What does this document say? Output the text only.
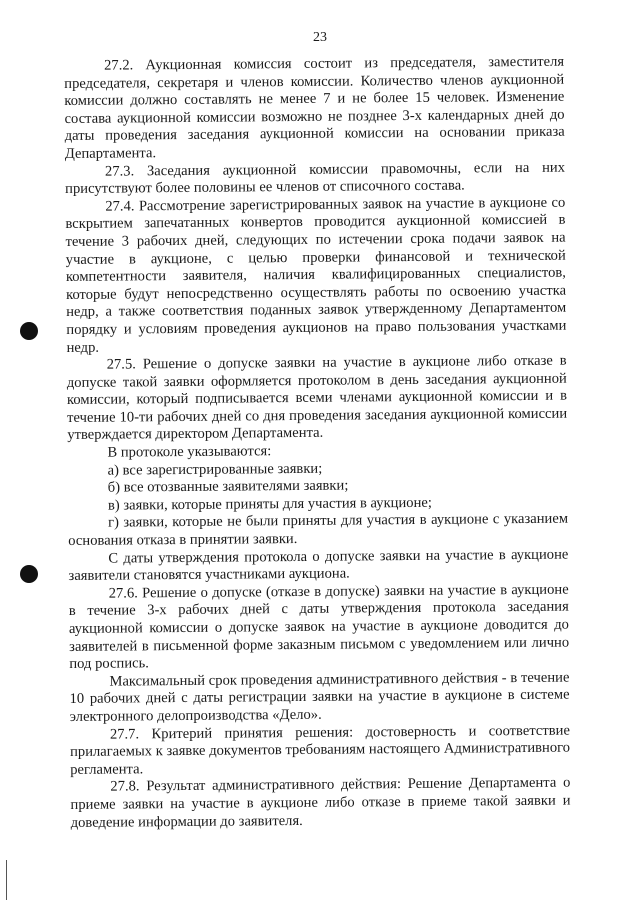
23

27.2. Аукционная комиссия состоит из председателя, заместителя председателя, секретаря и членов комиссии. Количество членов аукционной комиссии должно составлять не менее 7 и не более 15 человек. Изменение состава аукционной комиссии возможно не позднее 3-х календарных дней до даты проведения заседания аукционной комиссии на основании приказа Департамента.

27.3. Заседания аукционной комиссии правомочны, если на них присутствуют более половины ее членов от списочного состава.

27.4. Рассмотрение зарегистрированных заявок на участие в аукционе со вскрытием запечатанных конвертов проводится аукционной комиссией в течение 3 рабочих дней, следующих по истечении срока подачи заявок на участие в аукционе, с целью проверки финансовой и технической компетентности заявителя, наличия квалифицированных специалистов, которые будут непосредственно осуществлять работы по освоению участка недр, а также соответствия поданных заявок утвержденному Департаментом порядку и условиям проведения аукционов на право пользования участками недр.

27.5. Решение о допуске заявки на участие в аукционе либо отказе в допуске такой заявки оформляется протоколом в день заседания аукционной комиссии, который подписывается всеми членами аукционной комиссии и в течение 10-ти рабочих дней со дня проведения заседания аукционной комиссии утверждается директором Департамента.

В протоколе указываются:

а) все зарегистрированные заявки;

б) все отозванные заявителями заявки;

в) заявки, которые приняты для участия в аукционе;

г) заявки, которые не были приняты для участия в аукционе с указанием основания отказа в принятии заявки.

С даты утверждения протокола о допуске заявки на участие в аукционе заявители становятся участниками аукциона.

27.6. Решение о допуске (отказе в допуске) заявки на участие в аукционе в течение 3-х рабочих дней с даты утверждения протокола заседания аукционной комиссии о допуске заявок на участие в аукционе доводится до заявителей в письменной форме заказным письмом с уведомлением или лично под роспись.

Максимальный срок проведения административного действия - в течение 10 рабочих дней с даты регистрации заявки на участие в аукционе в системе электронного делопроизводства «Дело».

27.7. Критерий принятия решения: достоверность и соответствие прилагаемых к заявке документов требованиям настоящего Административного регламента.

27.8. Результат административного действия: Решение Департамента о приеме заявки на участие в аукционе либо отказе в приеме такой заявки и доведение информации до заявителя.
